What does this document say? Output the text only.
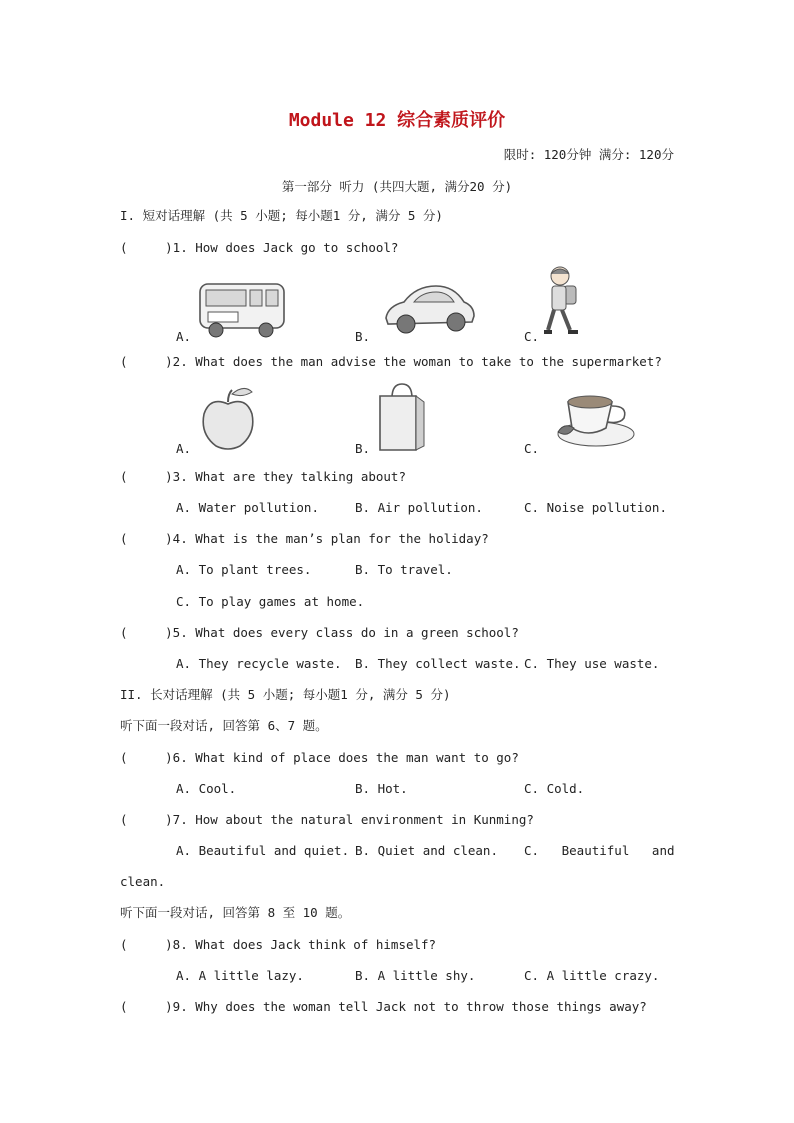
Module 12 综合素质评价
限时: 120分钟 满分: 120分
第一部分 听力 (共四大题, 满分20 分)
I. 短对话理解 (共 5 小题; 每小题1 分, 满分 5 分)
(     )1. How does Jack go to school?
A.	B.	C.
(     )2. What does the man advise the woman to take to the supermarket?
A.	B.	C.
(     )3. What are they talking about?
A. Water pollution.	B. Air pollution.	C. Noise pollution.
(     )4. What is the man’s plan for the holiday?
A. To plant trees.	B. To travel.
C. To play games at home.
(     )5. What does every class do in a green school?
A. They recycle waste. B. They collect waste. C. They use waste.
II. 长对话理解 (共 5 小题; 每小题1 分, 满分 5 分)
听下面一段对话, 回答第 6、7 题。
(     )6. What kind of place does the man want to go?
A. Cool.	B. Hot.	C. Cold.
(     )7. How about the natural environment in Kunming?
A. Beautiful and quiet. B. Quiet and clean. C.   Beautiful   and
clean.
听下面一段对话, 回答第 8 至 10 题。
(     )8. What does Jack think of himself?
A. A little lazy.	B. A little shy.	C. A little crazy.
(     )9. Why does the woman tell Jack not to throw those things away?
